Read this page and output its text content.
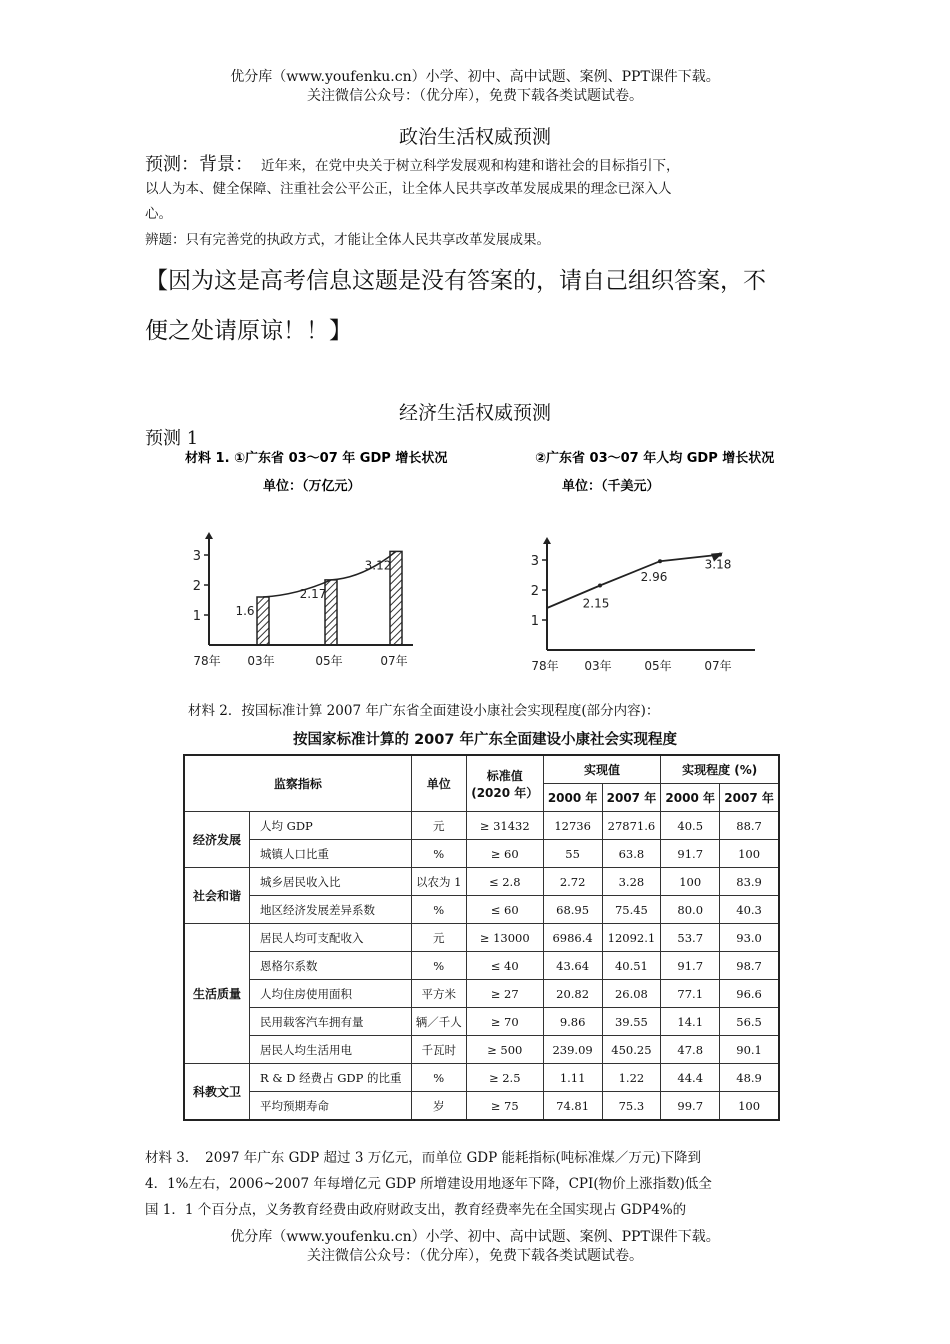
优分库（www.youfenku.cn）小学、初中、高中试题、案例、PPT课件下载。
关注微信公众号：（优分库），免费下载各类试题试卷。
政治生活权威预测
预测：背景： 近年来，在党中央关于树立科学发展观和构建和谐社会的目标指引下，
以人为本、健全保障、注重社会公平公正，让全体人民共享改革发展成果的理念已深入人
心。
辨题：只有完善党的执政方式，才能让全体人民共享改革发展成果。
【因为这是高考信息这题是没有答案的，请自己组织答案，不
便之处请原谅！！】
经济生活权威预测
预测 1
材料 1. ①广东省 03～07 年 GDP 增长状况
单位：（万亿元）
1
2
3
78年 03年	05年	07年
1.6
2.17
3.12
②广东省 03～07 年人均 GDP 增长状况
单位：（千美元）
1
2
3
78年 03年	05年	07年
2.15
2.96
3.18
材料 2．按国标准计算 2007 年广东省全面建设小康社会实现程度(部分内容)：
按国家标准计算的 2007 年广东全面建设小康社会实现程度
监察指标		单位	标准值
(2020 年）	实现值		实现程度 (%)	
				2000 年	2007 年	2000 年	2007 年
经济发展	人均 GDP	元	≥ 31432	12736	27871.6	40.5	88.7
	城镇人口比重	%	≥ 60	55	63.8	91.7	100
社会和谐	城乡居民收入比	以农为 1	≤ 2.8	2.72	3.28	100	83.9
	地区经济发展差异系数	%	≤ 60	68.95	75.45	80.0	40.3
生活质量	居民人均可支配收入	元	≥ 13000	6986.4	12092.1	53.7	93.0
	恩格尔系数	%	≤ 40	43.64	40.51	91.7	98.7
	人均住房使用面积	平方米	≥ 27	20.82	26.08	77.1	96.6
	民用载客汽车拥有量	辆／千人	≥ 70	9.86	39.55	14.1	56.5
	居民人均生活用电	千瓦时	≥ 500	239.09	450.25	47.8	90.1
科教文卫	R & D 经费占 GDP 的比重	%	≥ 2.5	1.11	1.22	44.4	48.9
	平均预期寿命	岁	≥ 75	74.81	75.3	99.7	100
材料 3．　2097 年广东 GDP 超过 3 万亿元，而单位 GDP 能耗指标(吨标准煤／万元)下降到
4．1%左右，2006~2007 年每增亿元 GDP 所增建设用地逐年下降，CPI(物价上涨指数)低全
国 1．1 个百分点，义务教育经费由政府财政支出，教育经费率先在全国实现占 GDP4%的
优分库（www.youfenku.cn）小学、初中、高中试题、案例、PPT课件下载。
关注微信公众号：（优分库），免费下载各类试题试卷。
